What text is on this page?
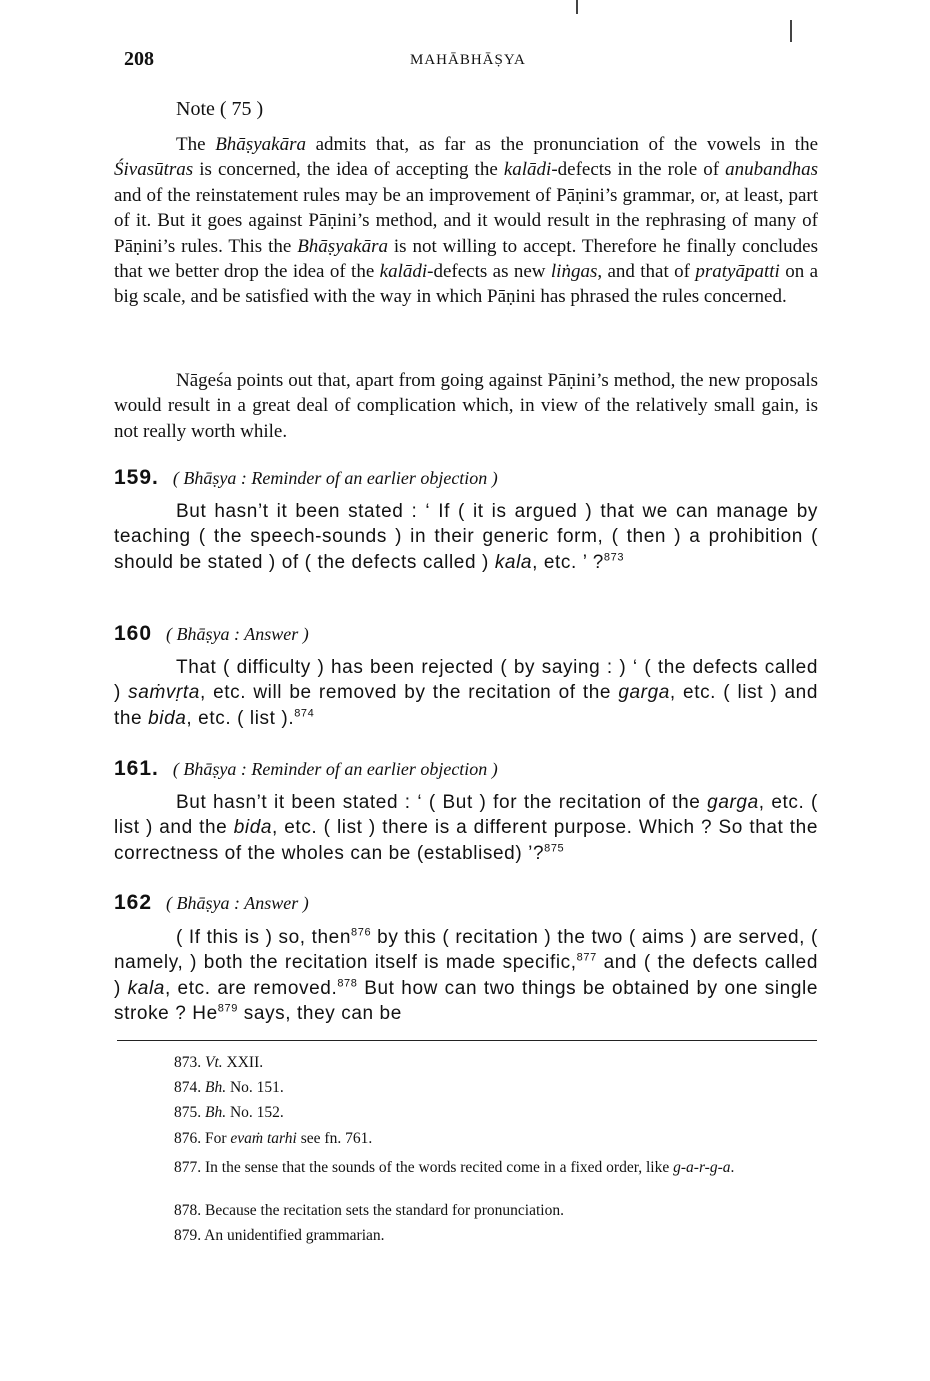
208	MAHĀBHĀṢYA
Note ( 75 )

The Bhāṣyakāra admits that, as far as the pronunciation of the vowels in the Śivasūtras is concerned, the idea of accepting the kalādi-defects in the role of anubandhas and of the reinstatement rules may be an improvement of Pāṇini’s grammar, or, at least, part of it. But it goes against Pāṇini’s method, and it would result in the rephrasing of many of Pāṇini’s rules. This the Bhāṣyakāra is not willing to accept. Therefore he finally concludes that we better drop the idea of the kalādi-defects as new liṅgas, and that of pratyāpatti on a big scale, and be satisfied with the way in which Pāṇini has phrased the rules concerned.

Nāgeśa points out that, apart from going against Pāṇini’s method, the new proposals would result in a great deal of complication which, in view of the relatively small gain, is not really worth while.

159. ( Bhāṣya : Reminder of an earlier objection )

But hasn’t it been stated : ‘ If ( it is argued ) that we can manage by teaching ( the speech-sounds ) in their generic form, ( then ) a prohibition ( should be stated ) of ( the defects called ) kala, etc. ’ ?$^{873}$

160 ( Bhāṣya : Answer )

That ( difficulty ) has been rejected ( by saying : ) ‘ ( the defects called ) saṁvṛta, etc. will be removed by the recitation of the garga, etc. ( list ) and the bida, etc. ( list ).$^{874}$

161. ( Bhāṣya : Reminder of an earlier objection )

But hasn’t it been stated : ‘ ( But ) for the recitation of the garga, etc. ( list ) and the bida, etc. ( list ) there is a different purpose. Which ? So that the correctness of the wholes can be (establised) ’?$^{875}$

162 ( Bhāṣya : Answer )

( If this is ) so, then$^{876}$ by this ( recitation ) the two ( aims ) are served, ( namely, ) both the recitation itself is made specific,$^{877}$ and ( the defects called ) kala, etc. are removed.$^{878}$ But how can two things be obtained by one single stroke ? He$^{879}$ says, they can be

873. Vt. XXII.
874. Bh. No. 151.
875. Bh. No. 152.
876. For evaṁ tarhi see fn. 761.
877. In the sense that the sounds of the words recited come in a fixed order, like g-a-r-g-a.
878. Because the recitation sets the standard for pronunciation.
879. An unidentified grammarian.
